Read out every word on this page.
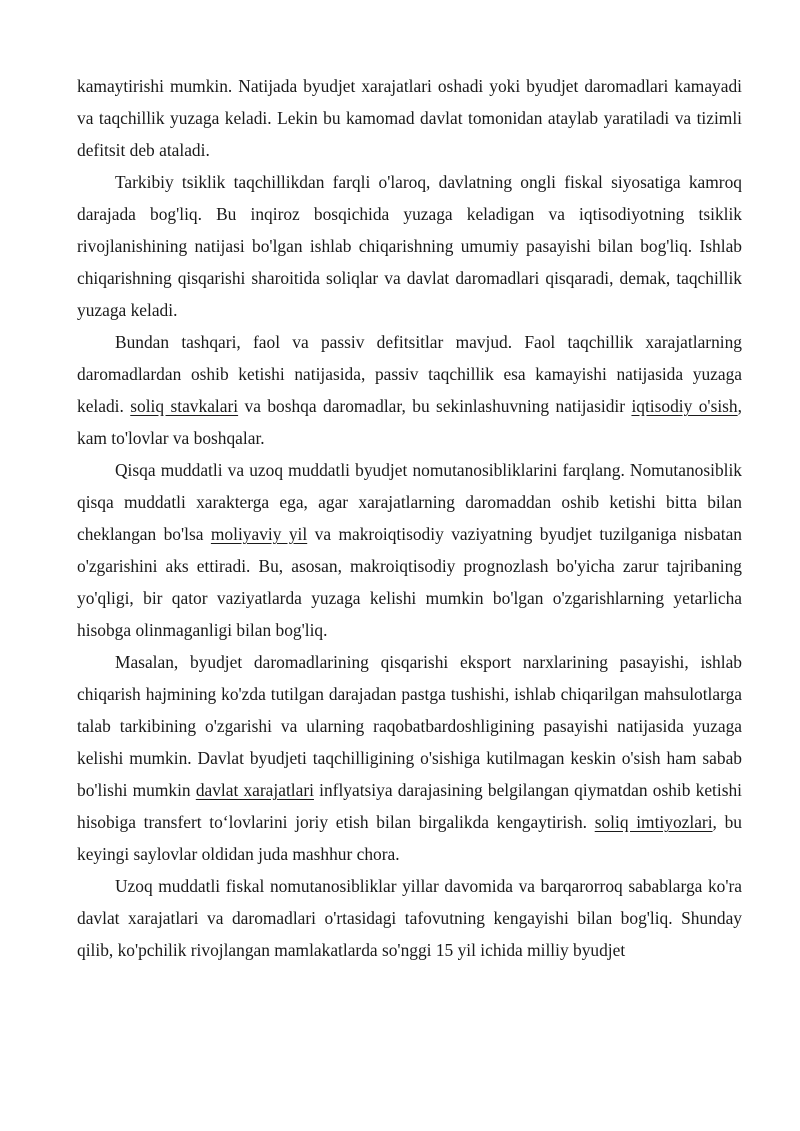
kamaytirishi mumkin. Natijada byudjet xarajatlari oshadi yoki byudjet daromadlari kamayadi va taqchillik yuzaga keladi. Lekin bu kamomad davlat tomonidan ataylab yaratiladi va tizimli defitsit deb ataladi.

Tarkibiy tsiklik taqchillikdan farqli o'laroq, davlatning ongli fiskal siyosatiga kamroq darajada bog'liq. Bu inqiroz bosqichida yuzaga keladigan va iqtisodiyotning tsiklik rivojlanishining natijasi bo'lgan ishlab chiqarishning umumiy pasayishi bilan bog'liq. Ishlab chiqarishning qisqarishi sharoitida soliqlar va davlat daromadlari qisqaradi, demak, taqchillik yuzaga keladi.

Bundan tashqari, faol va passiv defitsitlar mavjud. Faol taqchillik xarajatlarning daromadlardan oshib ketishi natijasida, passiv taqchillik esa kamayishi natijasida yuzaga keladi. soliq stavkalari va boshqa daromadlar, bu sekinlashuvning natijasidir iqtisodiy o'sish, kam to'lovlar va boshqalar.

Qisqa muddatli va uzoq muddatli byudjet nomutanosibliklarini farqlang. Nomutanosiblik qisqa muddatli xarakterga ega, agar xarajatlarning daromaddan oshib ketishi bitta bilan cheklangan bo'lsa moliyaviy yil va makroiqtisodiy vaziyatning byudjet tuzilganiga nisbatan o'zgarishini aks ettiradi. Bu, asosan, makroiqtisodiy prognozlash bo'yicha zarur tajribaning yo'qligi, bir qator vaziyatlarda yuzaga kelishi mumkin bo'lgan o'zgarishlarning yetarlicha hisobga olinmaganligi bilan bog'liq.

Masalan, byudjet daromadlarining qisqarishi eksport narxlarining pasayishi, ishlab chiqarish hajmining ko'zda tutilgan darajadan pastga tushishi, ishlab chiqarilgan mahsulotlarga talab tarkibining o'zgarishi va ularning raqobatbardoshligining pasayishi natijasida yuzaga kelishi mumkin. Davlat byudjeti taqchilligining o'sishiga kutilmagan keskin o'sish ham sabab bo'lishi mumkin davlat xarajatlari inflyatsiya darajasining belgilangan qiymatdan oshib ketishi hisobiga transfert to‘lovlarini joriy etish bilan birgalikda kengaytirish. soliq imtiyozlari, bu keyingi saylovlar oldidan juda mashhur chora.

Uzoq muddatli fiskal nomutanosibliklar yillar davomida va barqarorroq sabablarga ko'ra davlat xarajatlari va daromadlari o'rtasidagi tafovutning kengayishi bilan bog'liq. Shunday qilib, ko'pchilik rivojlangan mamlakatlarda so'nggi 15 yil ichida milliy byudjet
